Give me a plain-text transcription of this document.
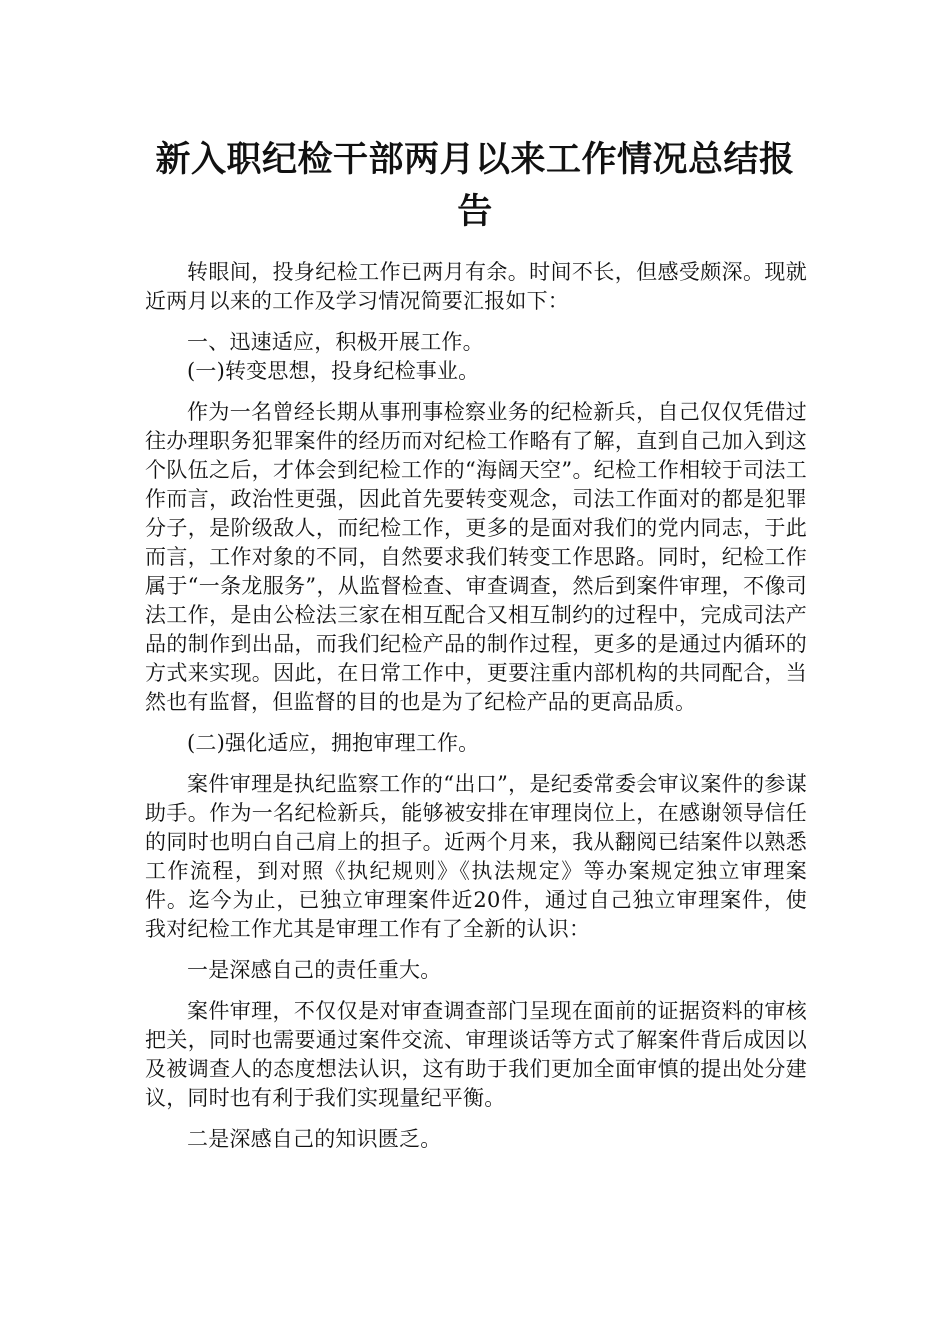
新入职纪检干部两月以来工作情况总结报告

转眼间，投身纪检工作已两月有余。时间不长，但感受颇深。现就近两月以来的工作及学习情况简要汇报如下：

一、迅速适应，积极开展工作。

(一)转变思想，投身纪检事业。

作为一名曾经长期从事刑事检察业务的纪检新兵，自己仅仅凭借过往办理职务犯罪案件的经历而对纪检工作略有了解，直到自己加入到这个队伍之后，才体会到纪检工作的“海阔天空”。纪检工作相较于司法工作而言，政治性更强，因此首先要转变观念，司法工作面对的都是犯罪分子，是阶级敌人，而纪检工作，更多的是面对我们的党内同志，于此而言，工作对象的不同，自然要求我们转变工作思路。同时，纪检工作属于“一条龙服务”，从监督检查、审查调查，然后到案件审理，不像司法工作，是由公检法三家在相互配合又相互制约的过程中，完成司法产品的制作到出品，而我们纪检产品的制作过程，更多的是通过内循环的方式来实现。因此，在日常工作中，更要注重内部机构的共同配合，当然也有监督，但监督的目的也是为了纪检产品的更高品质。

(二)强化适应，拥抱审理工作。

案件审理是执纪监察工作的“出口”，是纪委常委会审议案件的参谋助手。作为一名纪检新兵，能够被安排在审理岗位上，在感谢领导信任的同时也明白自己肩上的担子。近两个月来，我从翻阅已结案件以熟悉工作流程，到对照《执纪规则》《执法规定》等办案规定独立审理案件。迄今为止，已独立审理案件近20件，通过自己独立审理案件，使我对纪检工作尤其是审理工作有了全新的认识：

一是深感自己的责任重大。

案件审理，不仅仅是对审查调查部门呈现在面前的证据资料的审核把关，同时也需要通过案件交流、审理谈话等方式了解案件背后成因以及被调查人的态度想法认识，这有助于我们更加全面审慎的提出处分建议，同时也有利于我们实现量纪平衡。

二是深感自己的知识匮乏。
